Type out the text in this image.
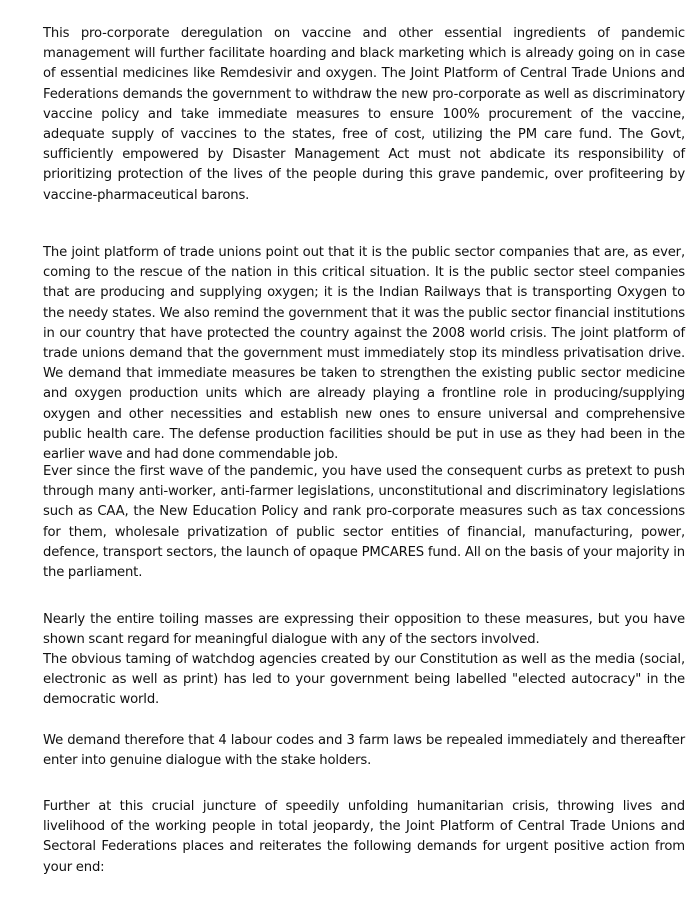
This pro-corporate deregulation on vaccine and other essential ingredients of pandemic management will further facilitate hoarding and black marketing which is already going on in case of essential medicines like Remdesivir and oxygen. The Joint Platform of Central Trade Unions and Federations demands the government to withdraw the new pro-corporate as well as discriminatory vaccine policy and take immediate measures to ensure 100% procurement of the vaccine, adequate supply of vaccines to the states, free of cost, utilizing the PM care fund. The Govt, sufficiently empowered by Disaster Management Act must not abdicate its responsibility of prioritizing protection of the lives of the people during this grave pandemic, over profiteering by vaccine-pharmaceutical barons.

The joint platform of trade unions point out that it is the public sector companies that are, as ever, coming to the rescue of the nation in this critical situation. It is the public sector steel companies that are producing and supplying oxygen; it is the Indian Railways that is transporting Oxygen to the needy states. We also remind the government that it was the public sector financial institutions in our country that have protected the country against the 2008 world crisis. The joint platform of trade unions demand that the government must immediately stop its mindless privatisation drive. We demand that immediate measures be taken to strengthen the existing public sector medicine and oxygen production units which are already playing a frontline role in producing/supplying oxygen and other necessities and establish new ones to ensure universal and comprehensive public health care. The defense production facilities should be put in use as they had been in the earlier wave and had done commendable job.

Ever since the first wave of the pandemic, you have used the consequent curbs as pretext to push through many anti-worker, anti-farmer legislations, unconstitutional and discriminatory legislations such as CAA, the New Education Policy and rank pro-corporate measures such as tax concessions for them, wholesale privatization of public sector entities of financial, manufacturing, power, defence, transport sectors, the launch of opaque PMCARES fund. All on the basis of your majority in the parliament.

Nearly the entire toiling masses are expressing their opposition to these measures, but you have shown scant regard for meaningful dialogue with any of the sectors involved.

The obvious taming of watchdog agencies created by our Constitution as well as the media (social, electronic as well as print) has led to your government being labelled "elected autocracy" in the democratic world.

We demand therefore that 4 labour codes and 3 farm laws be repealed immediately and thereafter enter into genuine dialogue with the stake holders.

Further at this crucial juncture of speedily unfolding humanitarian crisis, throwing lives and livelihood of the working people in total jeopardy, the Joint Platform of Central Trade Unions and Sectoral Federations places and reiterates the following demands for urgent positive action from your end:
